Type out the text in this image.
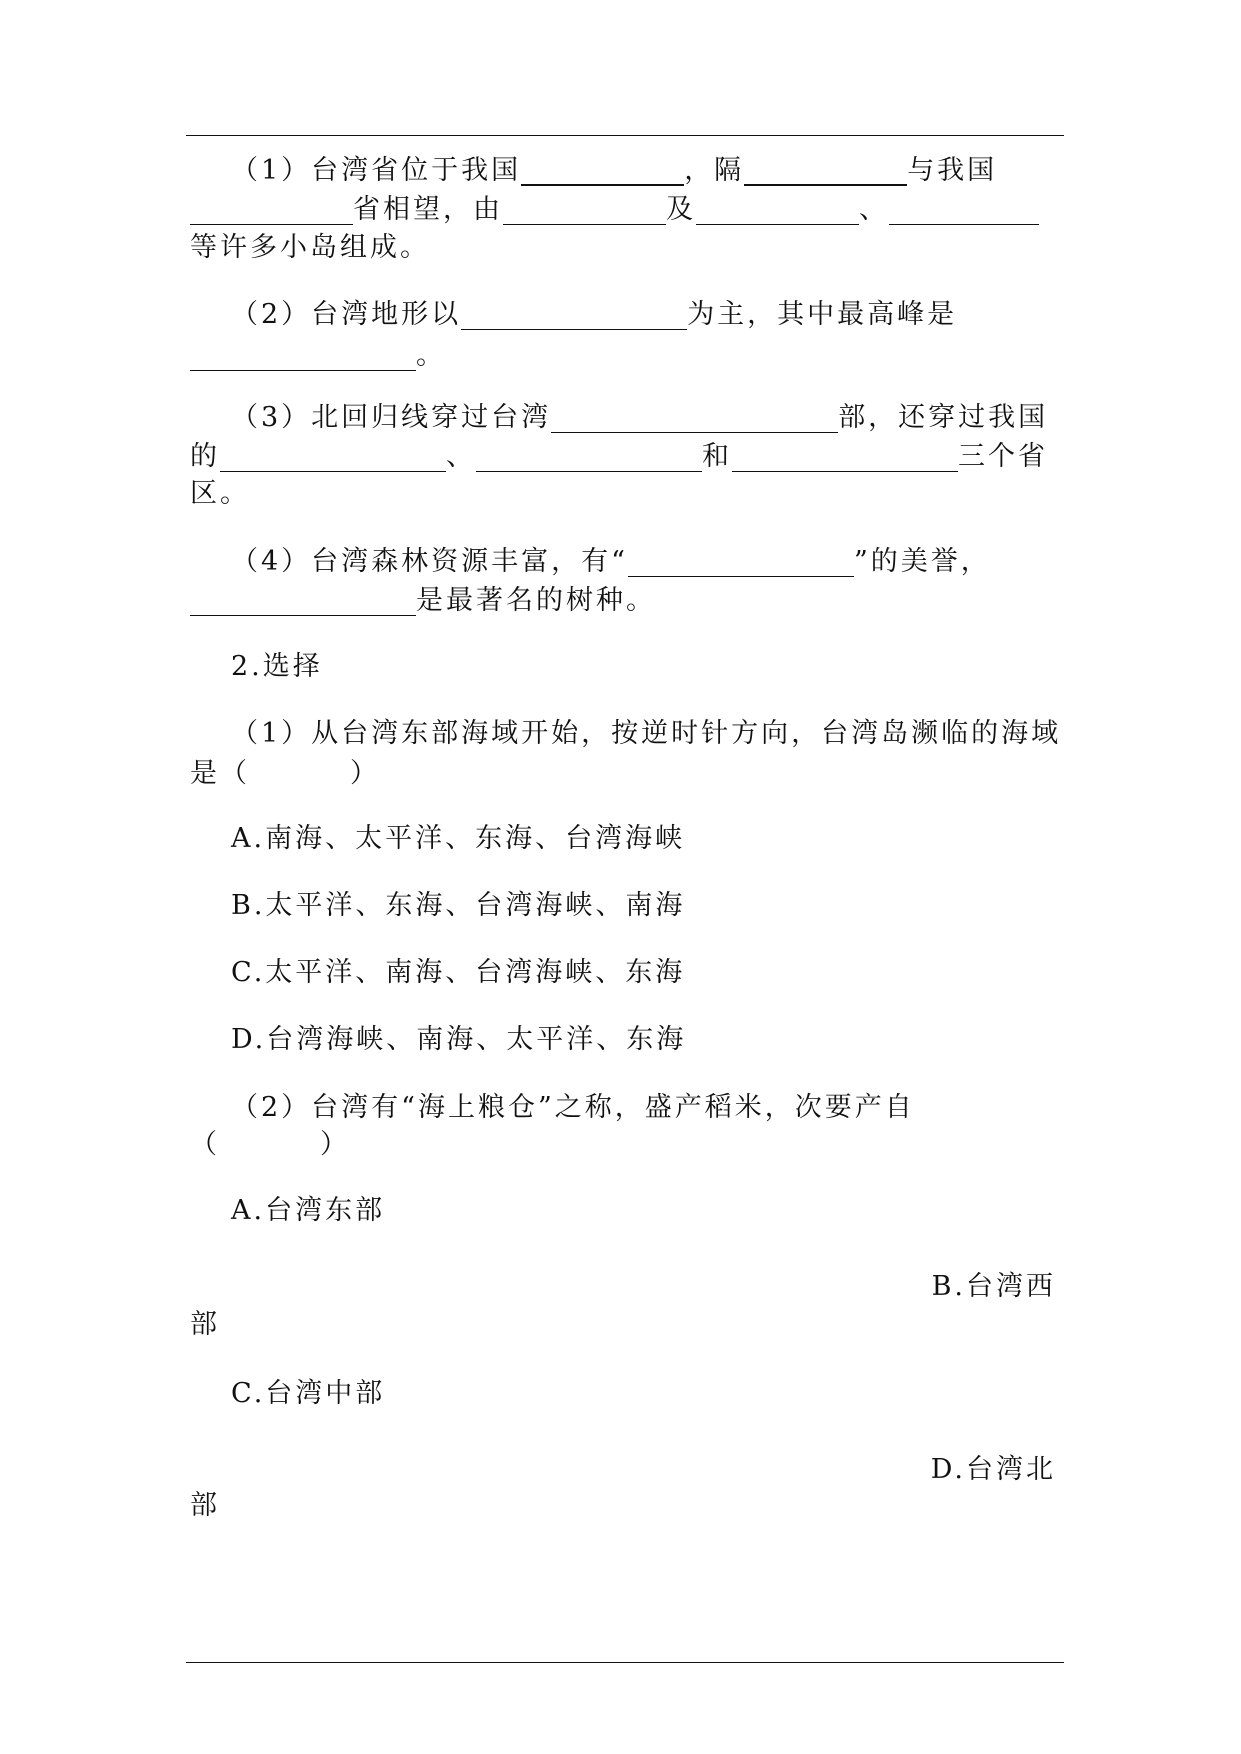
（1）台湾省位于我国	，隔	与我国
省相望，由	及	、
等许多小岛组成。
（2）台湾地形以	为主，其中最高峰是
。
（3）北回归线穿过台湾	部，还穿过我国
的	、	和	三个省
区。
（4）台湾森林资源丰富，有“	”的美誉，
是最著名的树种。
2.选择
（1）从台湾东部海域开始，按逆时针方向，台湾岛濒临的海域
是（	）
A.南海、太平洋、东海、台湾海峡
B.太平洋、东海、台湾海峡、南海
C.太平洋、南海、台湾海峡、东海
D.台湾海峡、南海、太平洋、东海
（2）台湾有“海上粮仓”之称，盛产稻米，次要产自
（	）
A.台湾东部
B.台湾西
部
C.台湾中部
D.台湾北
部
